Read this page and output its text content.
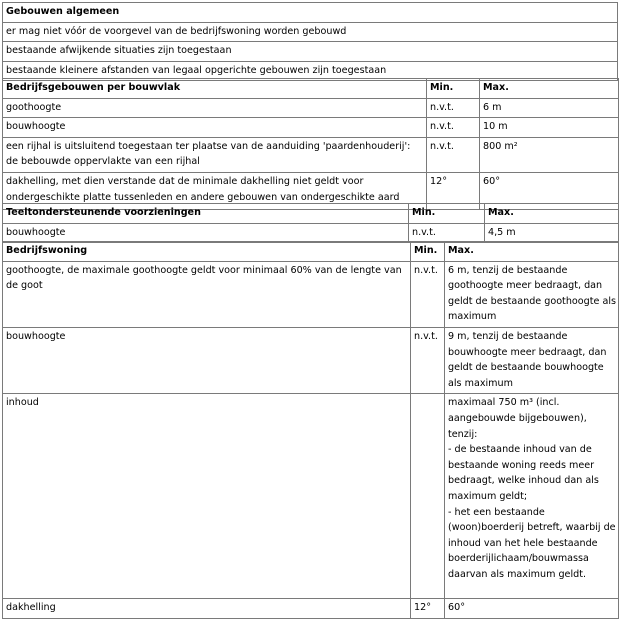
Gebouwen algemeen
er mag niet vóór de voorgevel van de bedrijfswoning worden gebouwd
bestaande afwijkende situaties zijn toegestaan
bestaande kleinere afstanden van legaal opgerichte gebouwen zijn toegestaan
Bedrijfsgebouwen per bouwvlak	Min.	Max.
goothoogte	n.v.t.	6 m
bouwhoogte	n.v.t.	10 m
een rijhal is uitsluitend toegestaan ter plaatse van de aanduiding 'paardenhouderij': de bebouwde oppervlakte van een rijhal	n.v.t.	800 m²
dakhelling, met dien verstande dat de minimale dakhelling niet geldt voor ondergeschikte platte tussenleden en andere gebouwen van ondergeschikte aard	12°	60°
Teeltondersteunende voorzieningen	Min.	Max.
bouwhoogte	n.v.t.	4,5 m
Bedrijfswoning	Min.	Max.
goothoogte, de maximale goothoogte geldt voor minimaal 60% van de lengte van de goot	n.v.t.	6 m, tenzij de bestaande goothoogte meer bedraagt, dan geldt de bestaande goothoogte als maximum
bouwhoogte	n.v.t.	9 m, tenzij de bestaande bouwhoogte meer bedraagt, dan geldt de bestaande bouwhoogte als maximum
inhoud		maximaal 750 m³ (incl. aangebouwde bijgebouwen), tenzij:
- de bestaande inhoud van de bestaande woning reeds meer bedraagt, welke inhoud dan als maximum geldt;
- het een bestaande (woon)boerderij betreft, waarbij de inhoud van het hele bestaande boerderijlichaam/bouwmassa daarvan als maximum geldt.
dakhelling	12°	60°
